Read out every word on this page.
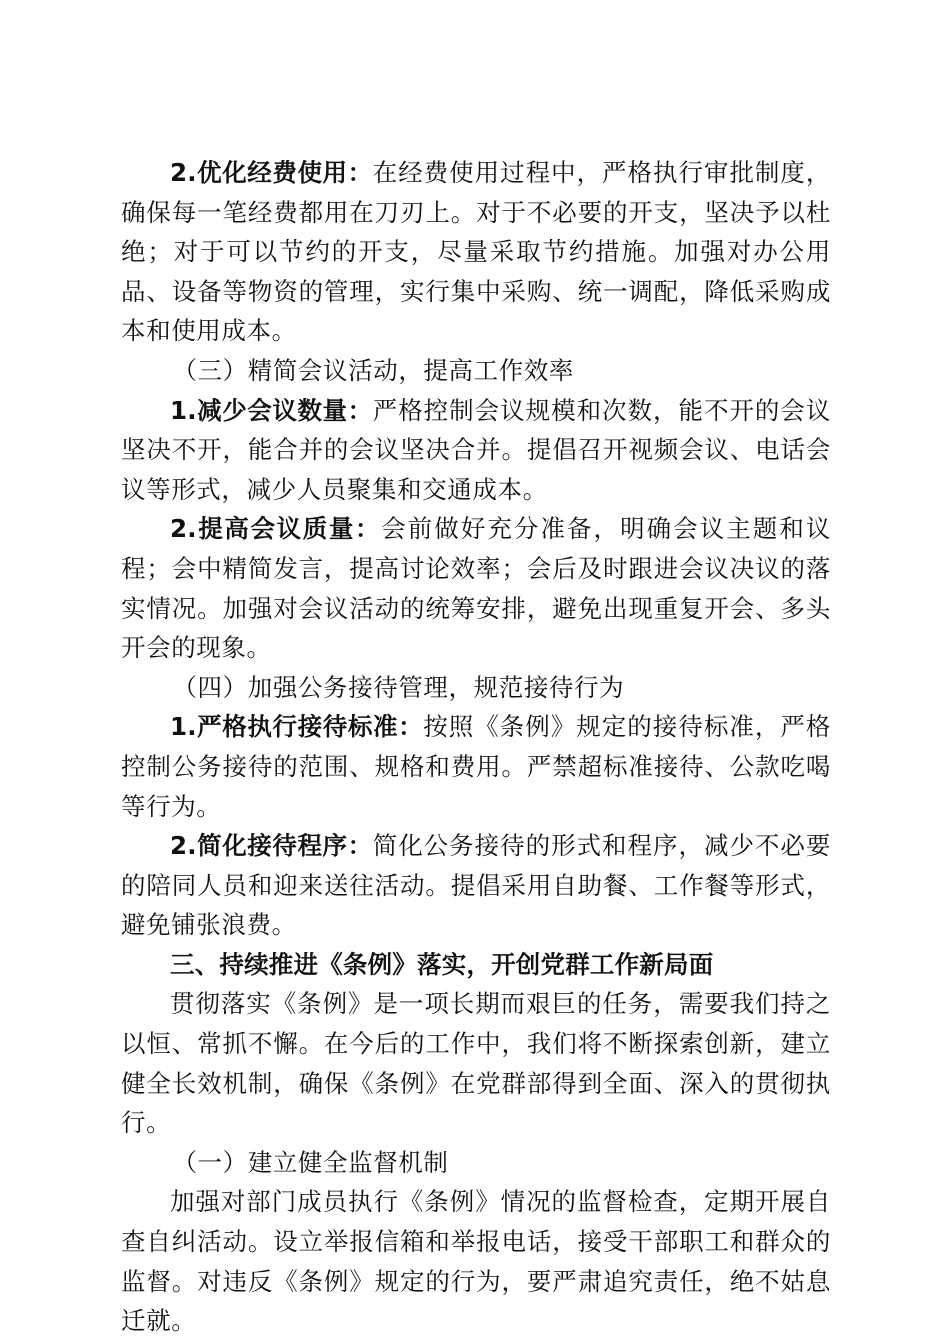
2.优化经费使用：在经费使用过程中，严格执行审批制度，确保每一笔经费都用在刀刃上。对于不必要的开支，坚决予以杜绝；对于可以节约的开支，尽量采取节约措施。加强对办公用品、设备等物资的管理，实行集中采购、统一调配，降低采购成本和使用成本。

（三）精简会议活动，提高工作效率

1.减少会议数量：严格控制会议规模和次数，能不开的会议坚决不开，能合并的会议坚决合并。提倡召开视频会议、电话会议等形式，减少人员聚集和交通成本。

2.提高会议质量：会前做好充分准备，明确会议主题和议程；会中精简发言，提高讨论效率；会后及时跟进会议决议的落实情况。加强对会议活动的统筹安排，避免出现重复开会、多头开会的现象。

（四）加强公务接待管理，规范接待行为

1.严格执行接待标准：按照《条例》规定的接待标准，严格控制公务接待的范围、规格和费用。严禁超标准接待、公款吃喝等行为。

2.简化接待程序：简化公务接待的形式和程序，减少不必要的陪同人员和迎来送往活动。提倡采用自助餐、工作餐等形式，避免铺张浪费。

三、持续推进《条例》落实，开创党群工作新局面

贯彻落实《条例》是一项长期而艰巨的任务，需要我们持之以恒、常抓不懈。在今后的工作中，我们将不断探索创新，建立健全长效机制，确保《条例》在党群部得到全面、深入的贯彻执行。

（一）建立健全监督机制

加强对部门成员执行《条例》情况的监督检查，定期开展自查自纠活动。设立举报信箱和举报电话，接受干部职工和群众的监督。对违反《条例》规定的行为，要严肃追究责任，绝不姑息迁就。
